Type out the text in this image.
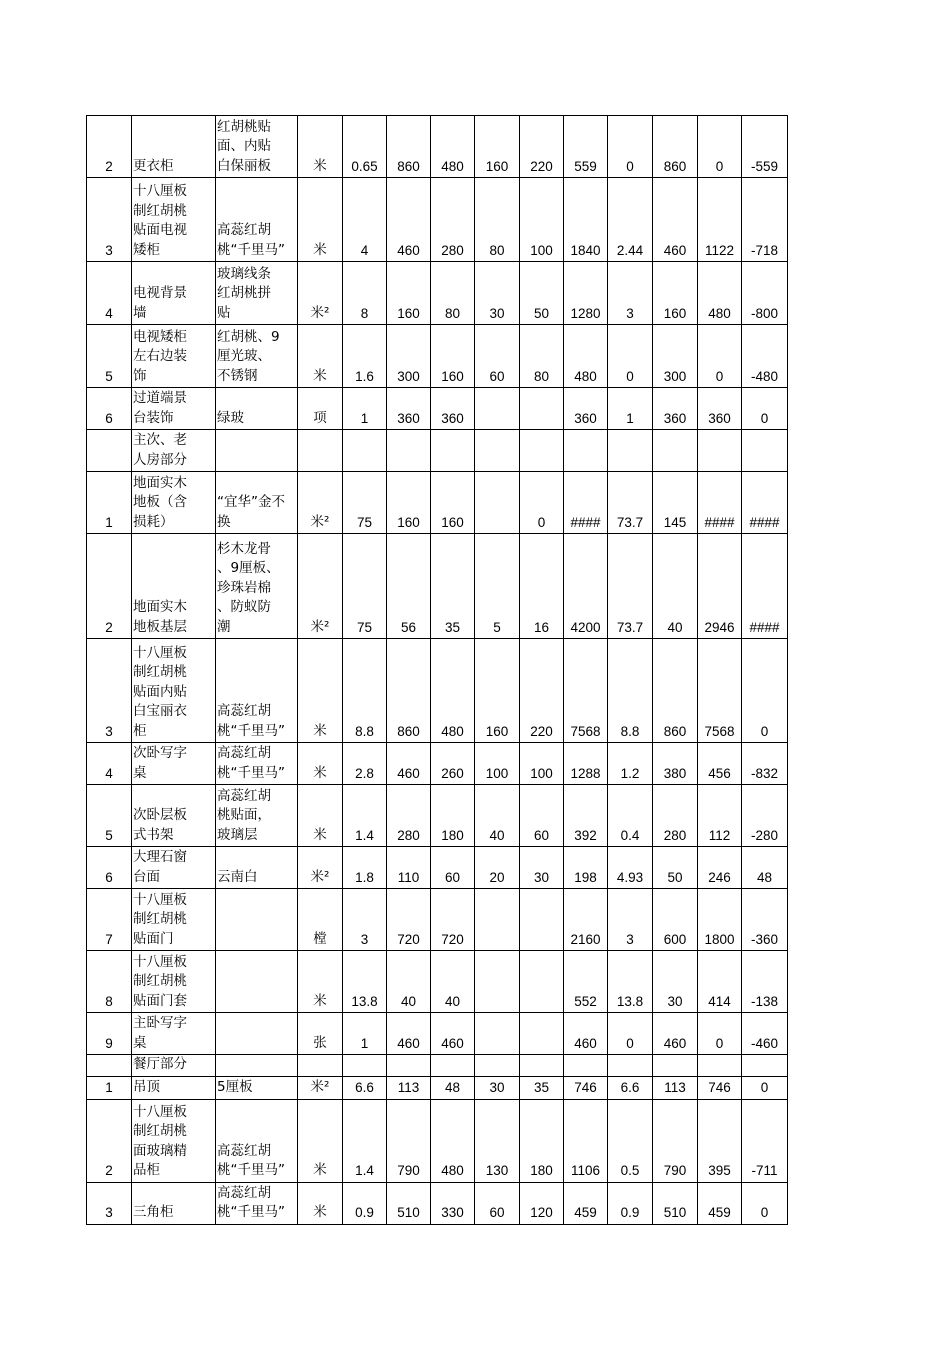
2	更衣柜	红胡桃贴
面、内贴
白保丽板	米	0.65	860	480	160	220	559	0	860	0	-559
3	十八厘板
制红胡桃
贴面电视
矮柜	高蕊红胡
桃“千里马”	米	4	460	280	80	100	1840	2.44	460	1122	-718
4	电视背景
墙	玻璃线条
红胡桃拼
贴	米²	8	160	80	30	50	1280	3	160	480	-800
5	电视矮柜
左右边装
饰	红胡桃、9
厘光玻、
不锈钢	米	1.6	300	160	60	80	480	0	300	0	-480
6	过道端景
台装饰	绿玻	项	1	360	360			360	1	360	360	0
	主次、老
人房部分												
1	地面实木
地板（含
损耗）	“宜华”金不
换	米²	75	160	160		0	####	73.7	145	####	####
2	地面实木
地板基层	杉木龙骨
、9厘板、
珍珠岩棉
、防蚁防
潮	米²	75	56	35	5	16	4200	73.7	40	2946	####
3	十八厘板
制红胡桃
贴面内贴
白宝丽衣
柜	高蕊红胡
桃“千里马”	米	8.8	860	480	160	220	7568	8.8	860	7568	0
4	次卧写字
桌	高蕊红胡
桃“千里马”	米	2.8	460	260	100	100	1288	1.2	380	456	-832
5	次卧层板
式书架	高蕊红胡
桃贴面，
玻璃层	米	1.4	280	180	40	60	392	0.4	280	112	-280
6	大理石窗
台面	云南白	米²	1.8	110	60	20	30	198	4.93	50	246	48
7	十八厘板
制红胡桃
贴面门		樘	3	720	720			2160	3	600	1800	-360
8	十八厘板
制红胡桃
贴面门套		米	13.8	40	40			552	13.8	30	414	-138
9	主卧写字
桌		张	1	460	460			460	0	460	0	-460
	餐厅部分												
1	吊顶	5厘板	米²	6.6	113	48	30	35	746	6.6	113	746	0
2	十八厘板
制红胡桃
面玻璃精
品柜	高蕊红胡
桃“千里马”	米	1.4	790	480	130	180	1106	0.5	790	395	-711
3	三角柜	高蕊红胡
桃“千里马”	米	0.9	510	330	60	120	459	0.9	510	459	0
